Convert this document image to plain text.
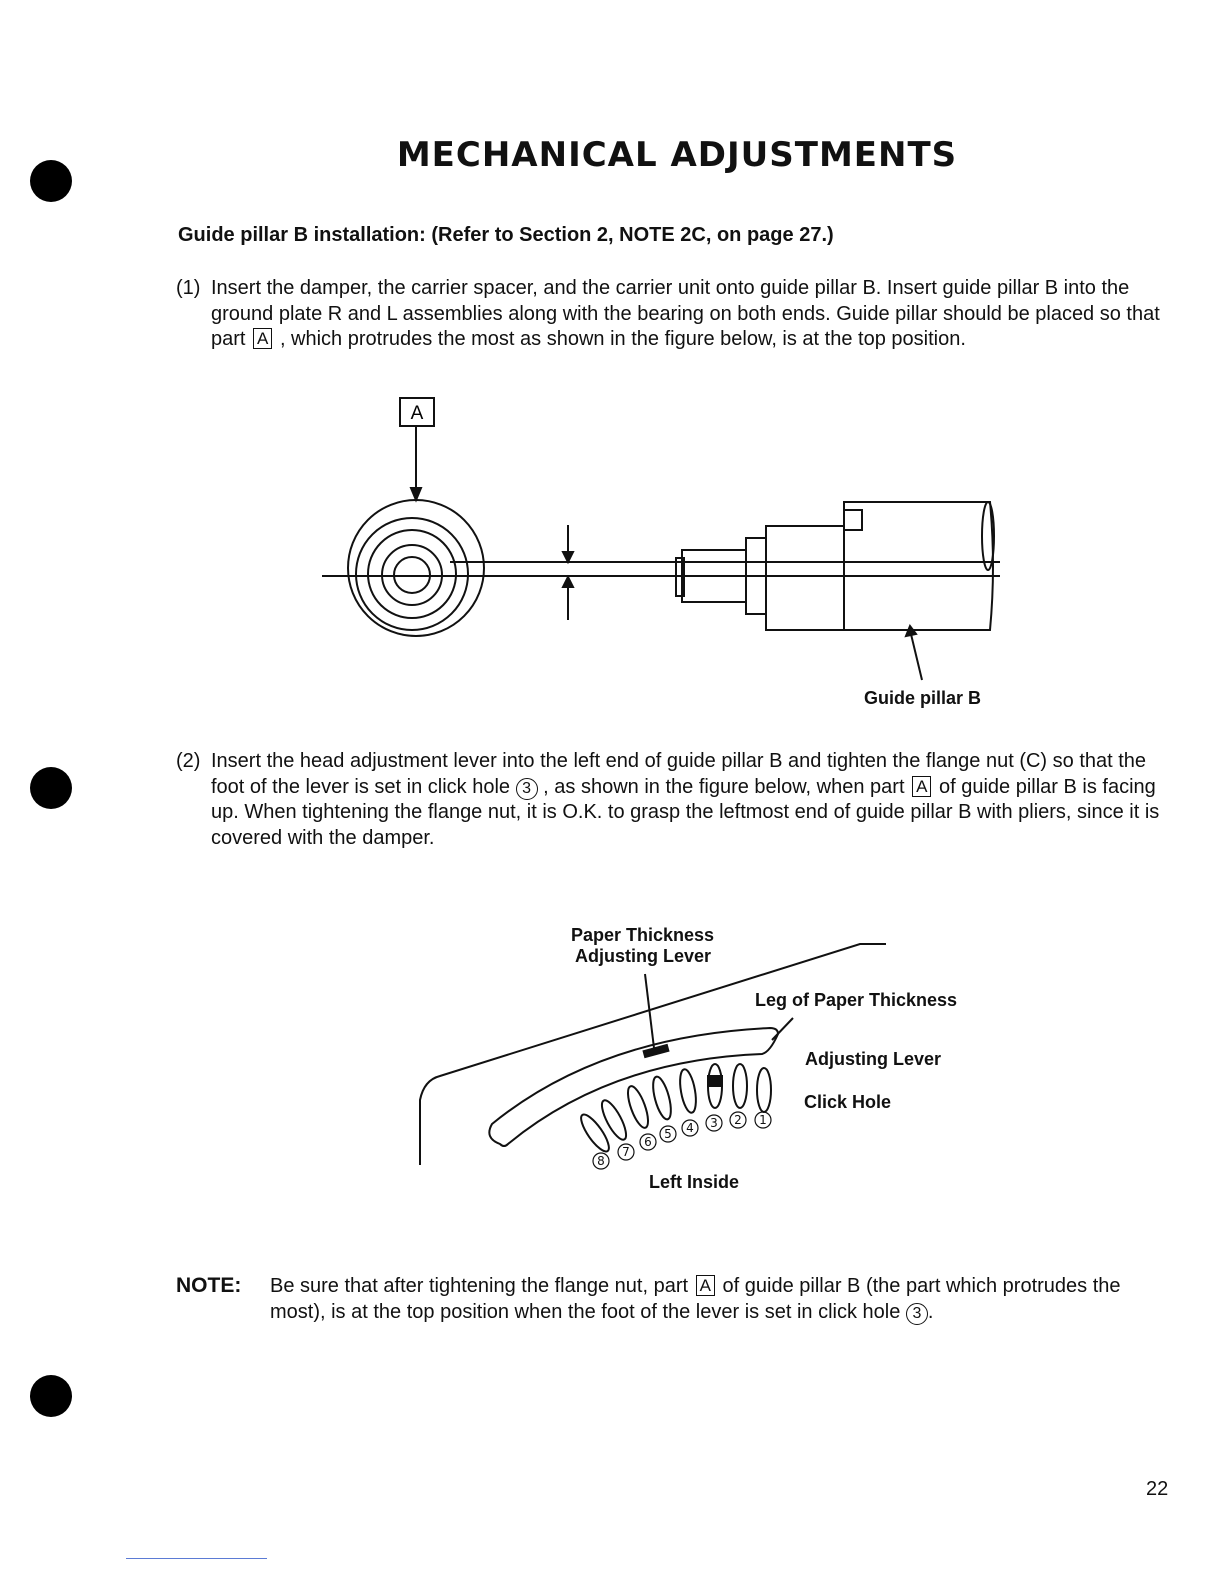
MECHANICAL ADJUSTMENTS
Guide pillar B installation: (Refer to Section 2, NOTE 2C, on page 27.)
(1) Insert the damper, the carrier spacer, and the carrier unit onto guide pillar B. Insert guide pillar B into the ground plate R and L assemblies along with the bearing on both ends. Guide pillar should be placed so that part A , which protrudes the most as shown in the figure below, is at the top position.
A
Guide pillar B
(2) Insert the head adjustment lever into the left end of guide pillar B and tighten the flange nut (C) so that the foot of the lever is set in click hole 3 , as shown in the figure below, when part A of guide pillar B is facing up. When tightening the flange nut, it is O.K. to grasp the leftmost end of guide pillar B with pliers, since it is covered with the damper.
1
2
3
4
5
6
7
8
Paper Thickness
Adjusting Lever
Leg of Paper Thickness
Adjusting Lever
Click Hole
Left Inside
NOTE: Be sure that after tightening the flange nut, part A of guide pillar B (the part which protrudes the most), is at the top position when the foot of the lever is set in click hole 3 .
22
